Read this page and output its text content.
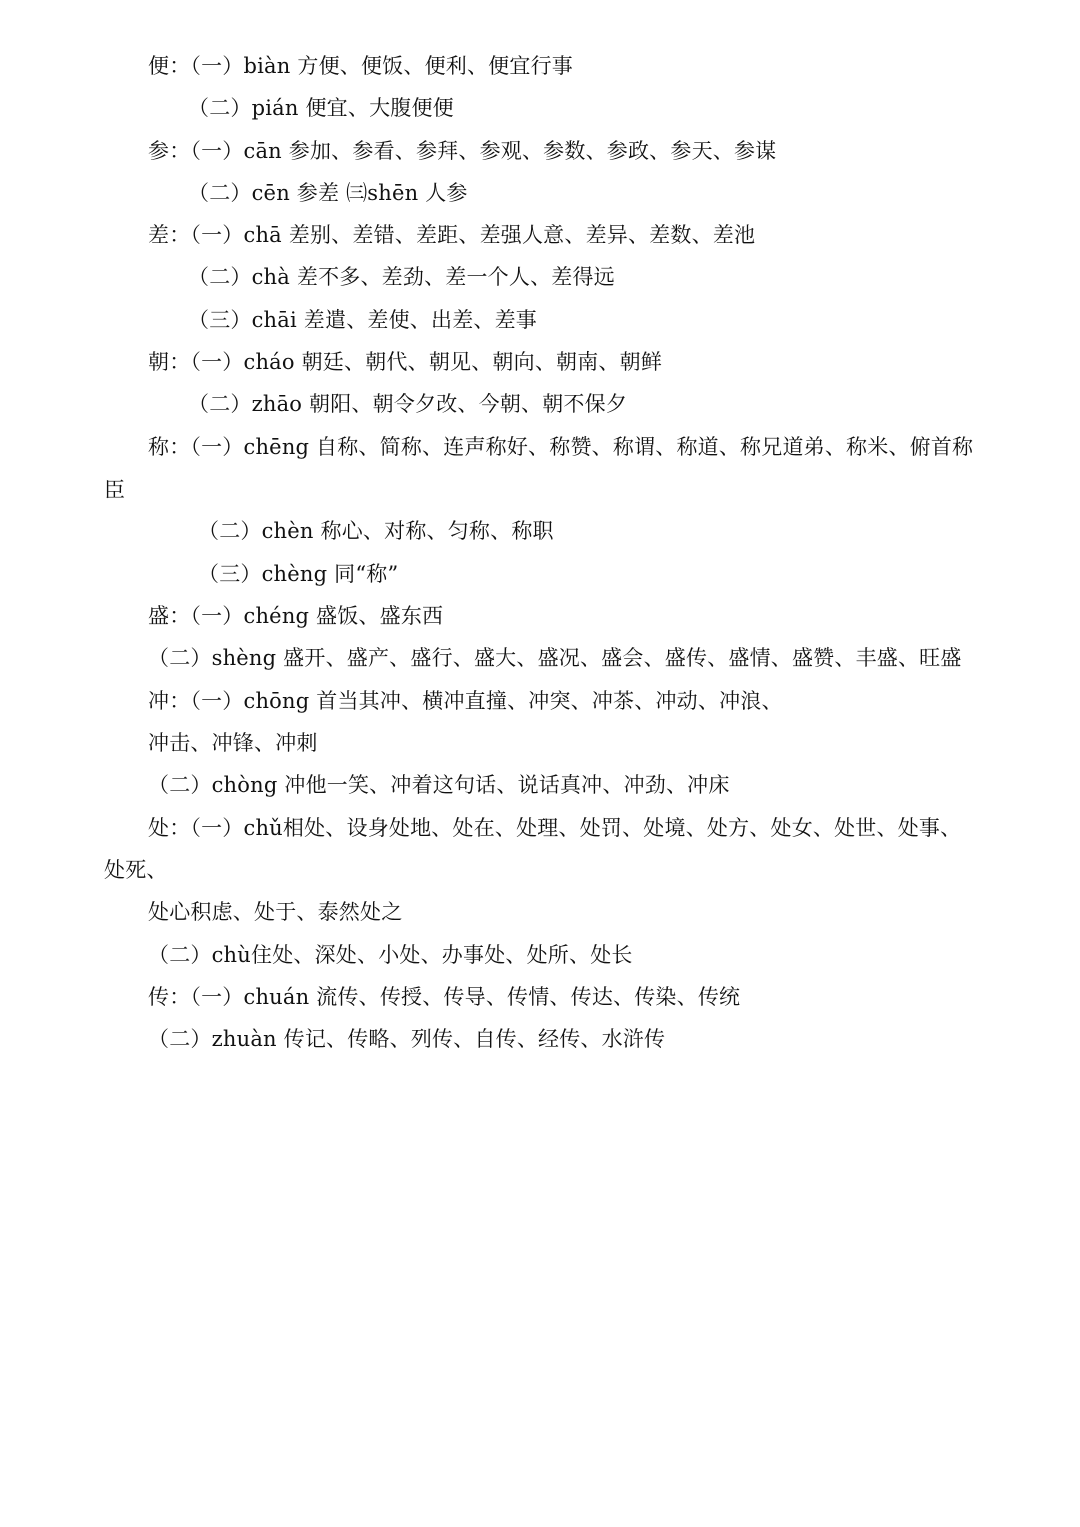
便：（一）biàn 方便、便饭、便利、便宜行事
（二）pián 便宜、大腹便便
参：（一）cān 参加、参看、参拜、参观、参数、参政、参天、参谋
（二）cēn 参差 ㈢shēn 人参
差：（一）chā 差别、差错、差距、差强人意、差异、差数、差池
（二）chà 差不多、差劲、差一个人、差得远
（三）chāi 差遣、差使、出差、差事
朝：（一）cháo 朝廷、朝代、朝见、朝向、朝南、朝鲜
（二）zhāo 朝阳、朝令夕改、今朝、朝不保夕
称：（一）chēng 自称、简称、连声称好、称赞、称谓、称道、称兄道弟、称米、俯首称
臣
（二）chèn 称心、对称、匀称、称职
（三）chèng 同“称”
盛：（一）chéng 盛饭、盛东西
（二）shèng 盛开、盛产、盛行、盛大、盛况、盛会、盛传、盛情、盛赞、丰盛、旺盛
冲：（一）chōng 首当其冲、横冲直撞、冲突、冲茶、冲动、冲浪、
冲击、冲锋、冲刺
（二）chòng 冲他一笑、冲着这句话、说话真冲、冲劲、冲床
处：（一）chǔ相处、设身处地、处在、处理、处罚、处境、处方、处女、处世、处事、
处死、
处心积虑、处于、泰然处之
（二）chù住处、深处、小处、办事处、处所、处长
传：（一）chuán 流传、传授、传导、传情、传达、传染、传统
（二）zhuàn 传记、传略、列传、自传、经传、水浒传
